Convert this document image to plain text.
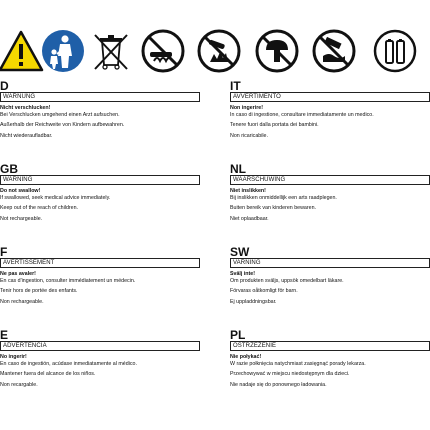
D
WARNUNG
Nicht verschlucken!
Bei Verschlucken umgehend einen Arzt aufsuchen.
Außerhalb der Reichweite von Kindern aufbewahren.
Nicht wiederaufladbar.
GB
WARNING
Do not swallow!
If swallowed, seek medical advice immediately.
Keep out of the reach of children.
Not rechargeable.
F
AVERTISSEMENT
Ne pas avaler!
En cas d'ingestion, consulter immédiatement un médecin.
Tenir hors de portée des enfants.
Non rechargeable.
E
ADVERTENCIA
No ingerir!
En caso de ingestión, acúdase inmediatamente al médico.
Mantener fuera del alcance de los niños.
Non recargable.
IT
AVVERTIMENTO
Non ingerire!
In caso di ingestione, consultare immediatamente un medico.
Tenere fuori dalla portata dei bambini.
Non ricaricabile.
NL
WAARSCHUWING
Niet inslikken!
Bij inslikken onmiddellijk een arts raadplegen.
Buiten bereik van kinderen bewaren.
Niet oplaadbaar.
SW
VARNING
Svälj inte!
Om produkten sväljs, uppsök omedelbart läkare.
Förvaras oåtkomligt för barn.
Ej uppladdningsbar.
PL
OSTRZEŻENIE
Nie połykać!
W razie połknięcia natychmiast zasięgnąć porady lekarza.
Przechowywać w miejscu niedostępnym dla dzieci.
Nie nadaje się do ponownego ładowania.
